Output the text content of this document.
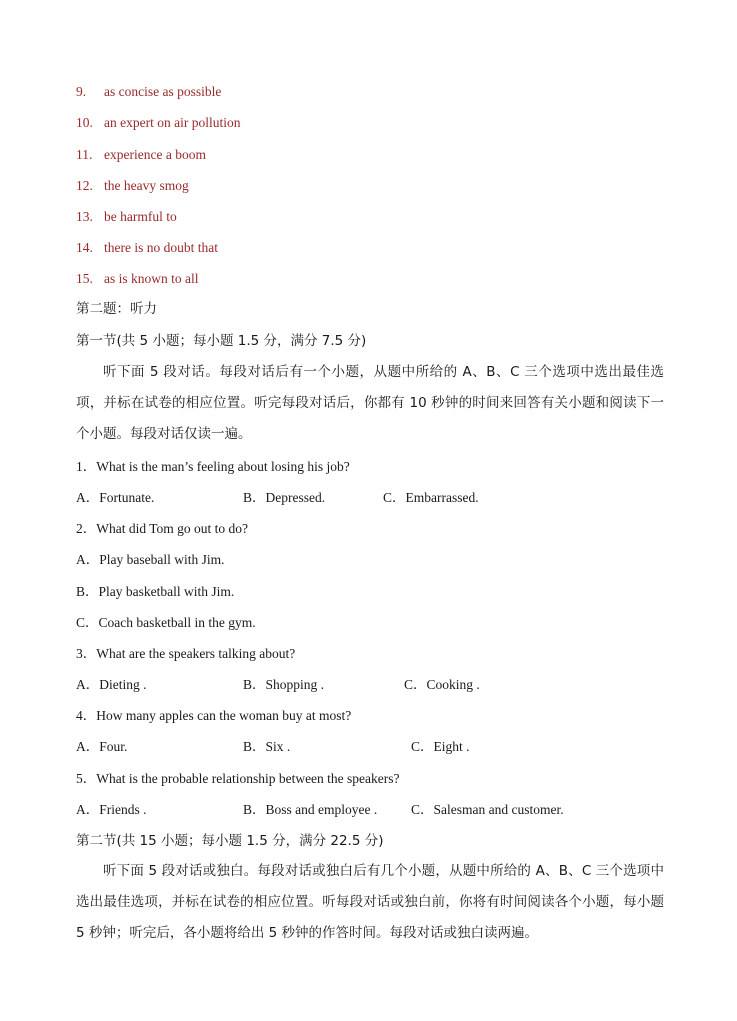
9. as concise as possible
10. an expert on air pollution
11. experience a boom
12. the heavy smog
13. be harmful to
14. there is no doubt that
15. as is known to all
第二题：听力
第一节(共 5 小题；每小题 1.5 分，满分 7.5 分)
听下面 5 段对话。每段对话后有一个小题，从题中所给的 A、B、C 三个选项中选出最佳选项，并标在试卷的相应位置。听完每段对话后，你都有 10 秒钟的时间来回答有关小题和阅读下一个小题。每段对话仅读一遍。
1．What is the man’s feeling about losing his job?
A．Fortunate.	B．Depressed.	C．Embarrassed.
2．What did Tom go out to do?
A．Play baseball with Jim.
B．Play basketball with Jim.
C．Coach basketball in the gym.
3．What are the speakers talking about?
A．Dieting .	B．Shopping .	C．Cooking .
4．How many apples can the woman buy at most?
A．Four.	B．Six .	C．Eight .
5．What is the probable relationship between the speakers?
A．Friends .	B．Boss and employee .	C．Salesman and customer.
第二节(共 15 小题；每小题 1.5 分，满分 22.5 分)
听下面 5 段对话或独白。每段对话或独白后有几个小题，从题中所给的 A、B、C 三个选项中选出最佳选项，并标在试卷的相应位置。听每段对话或独白前，你将有时间阅读各个小题，每小题 5 秒钟；听完后，各小题将给出 5 秒钟的作答时间。每段对话或独白读两遍。
